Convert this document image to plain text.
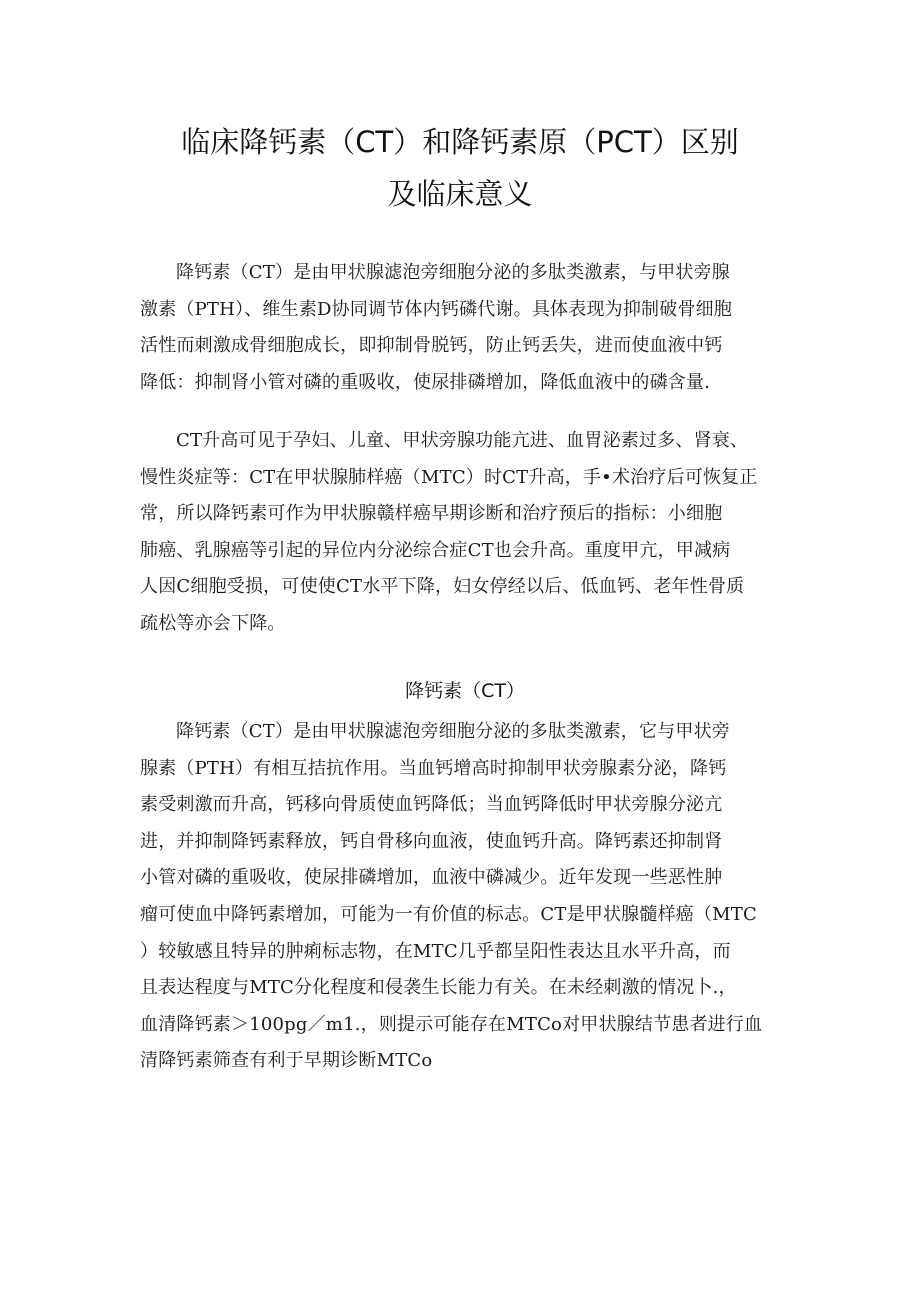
临床降钙素（CT）和降钙素原（PCT）区别
及临床意义

降钙素（CT）是由甲状腺滤泡旁细胞分泌的多肽类激素，与甲状旁腺
激素（PTH）、维生素D协同调节体内钙磷代谢。具体表现为抑制破骨细胞
活性而刺激成骨细胞成长，即抑制骨脱钙，防止钙丢失，进而使血液中钙
降低：抑制肾小管对磷的重吸收，使尿排磷增加，降低血液中的磷含量.

CT升高可见于孕妇、儿童、甲状旁腺功能亢进、血胃泌素过多、肾衰、
慢性炎症等：CT在甲状腺肺样癌（MTC）时CT升高，手•术治疗后可恢复正
常，所以降钙素可作为甲状腺赣样癌早期诊断和治疗预后的指标：小细胞
肺癌、乳腺癌等引起的异位内分泌综合症CT也会升高。重度甲亢，甲减病
人因C细胞受损，可使使CT水平下降，妇女停经以后、低血钙、老年性骨质
疏松等亦会下降。

降钙素（CT）

降钙素（CT）是由甲状腺滤泡旁细胞分泌的多肽类激素，它与甲状旁
腺素（PTH）有相互拮抗作用。当血钙增高时抑制甲状旁腺素分泌，降钙
素受刺激而升高，钙移向骨质使血钙降低；当血钙降低时甲状旁腺分泌亢
进，并抑制降钙素释放，钙自骨移向血液，使血钙升高。降钙素还抑制肾
小管对磷的重吸收，使尿排磷增加，血液中磷减少。近年发现一些恶性肿
瘤可使血中降钙素增加，可能为一有价值的标志。CT是甲状腺髓样癌（MTC
）较敏感且特异的肿痢标志物，在MTC几乎都呈阳性表达且水平升高，而
且表达程度与MTC分化程度和侵袭生长能力有关。在未经刺激的情况卜.，
血清降钙素＞100pg／m1.，则提示可能存在MTCo对甲状腺结节患者进行血
清降钙素筛查有利于早期诊断MTCo
